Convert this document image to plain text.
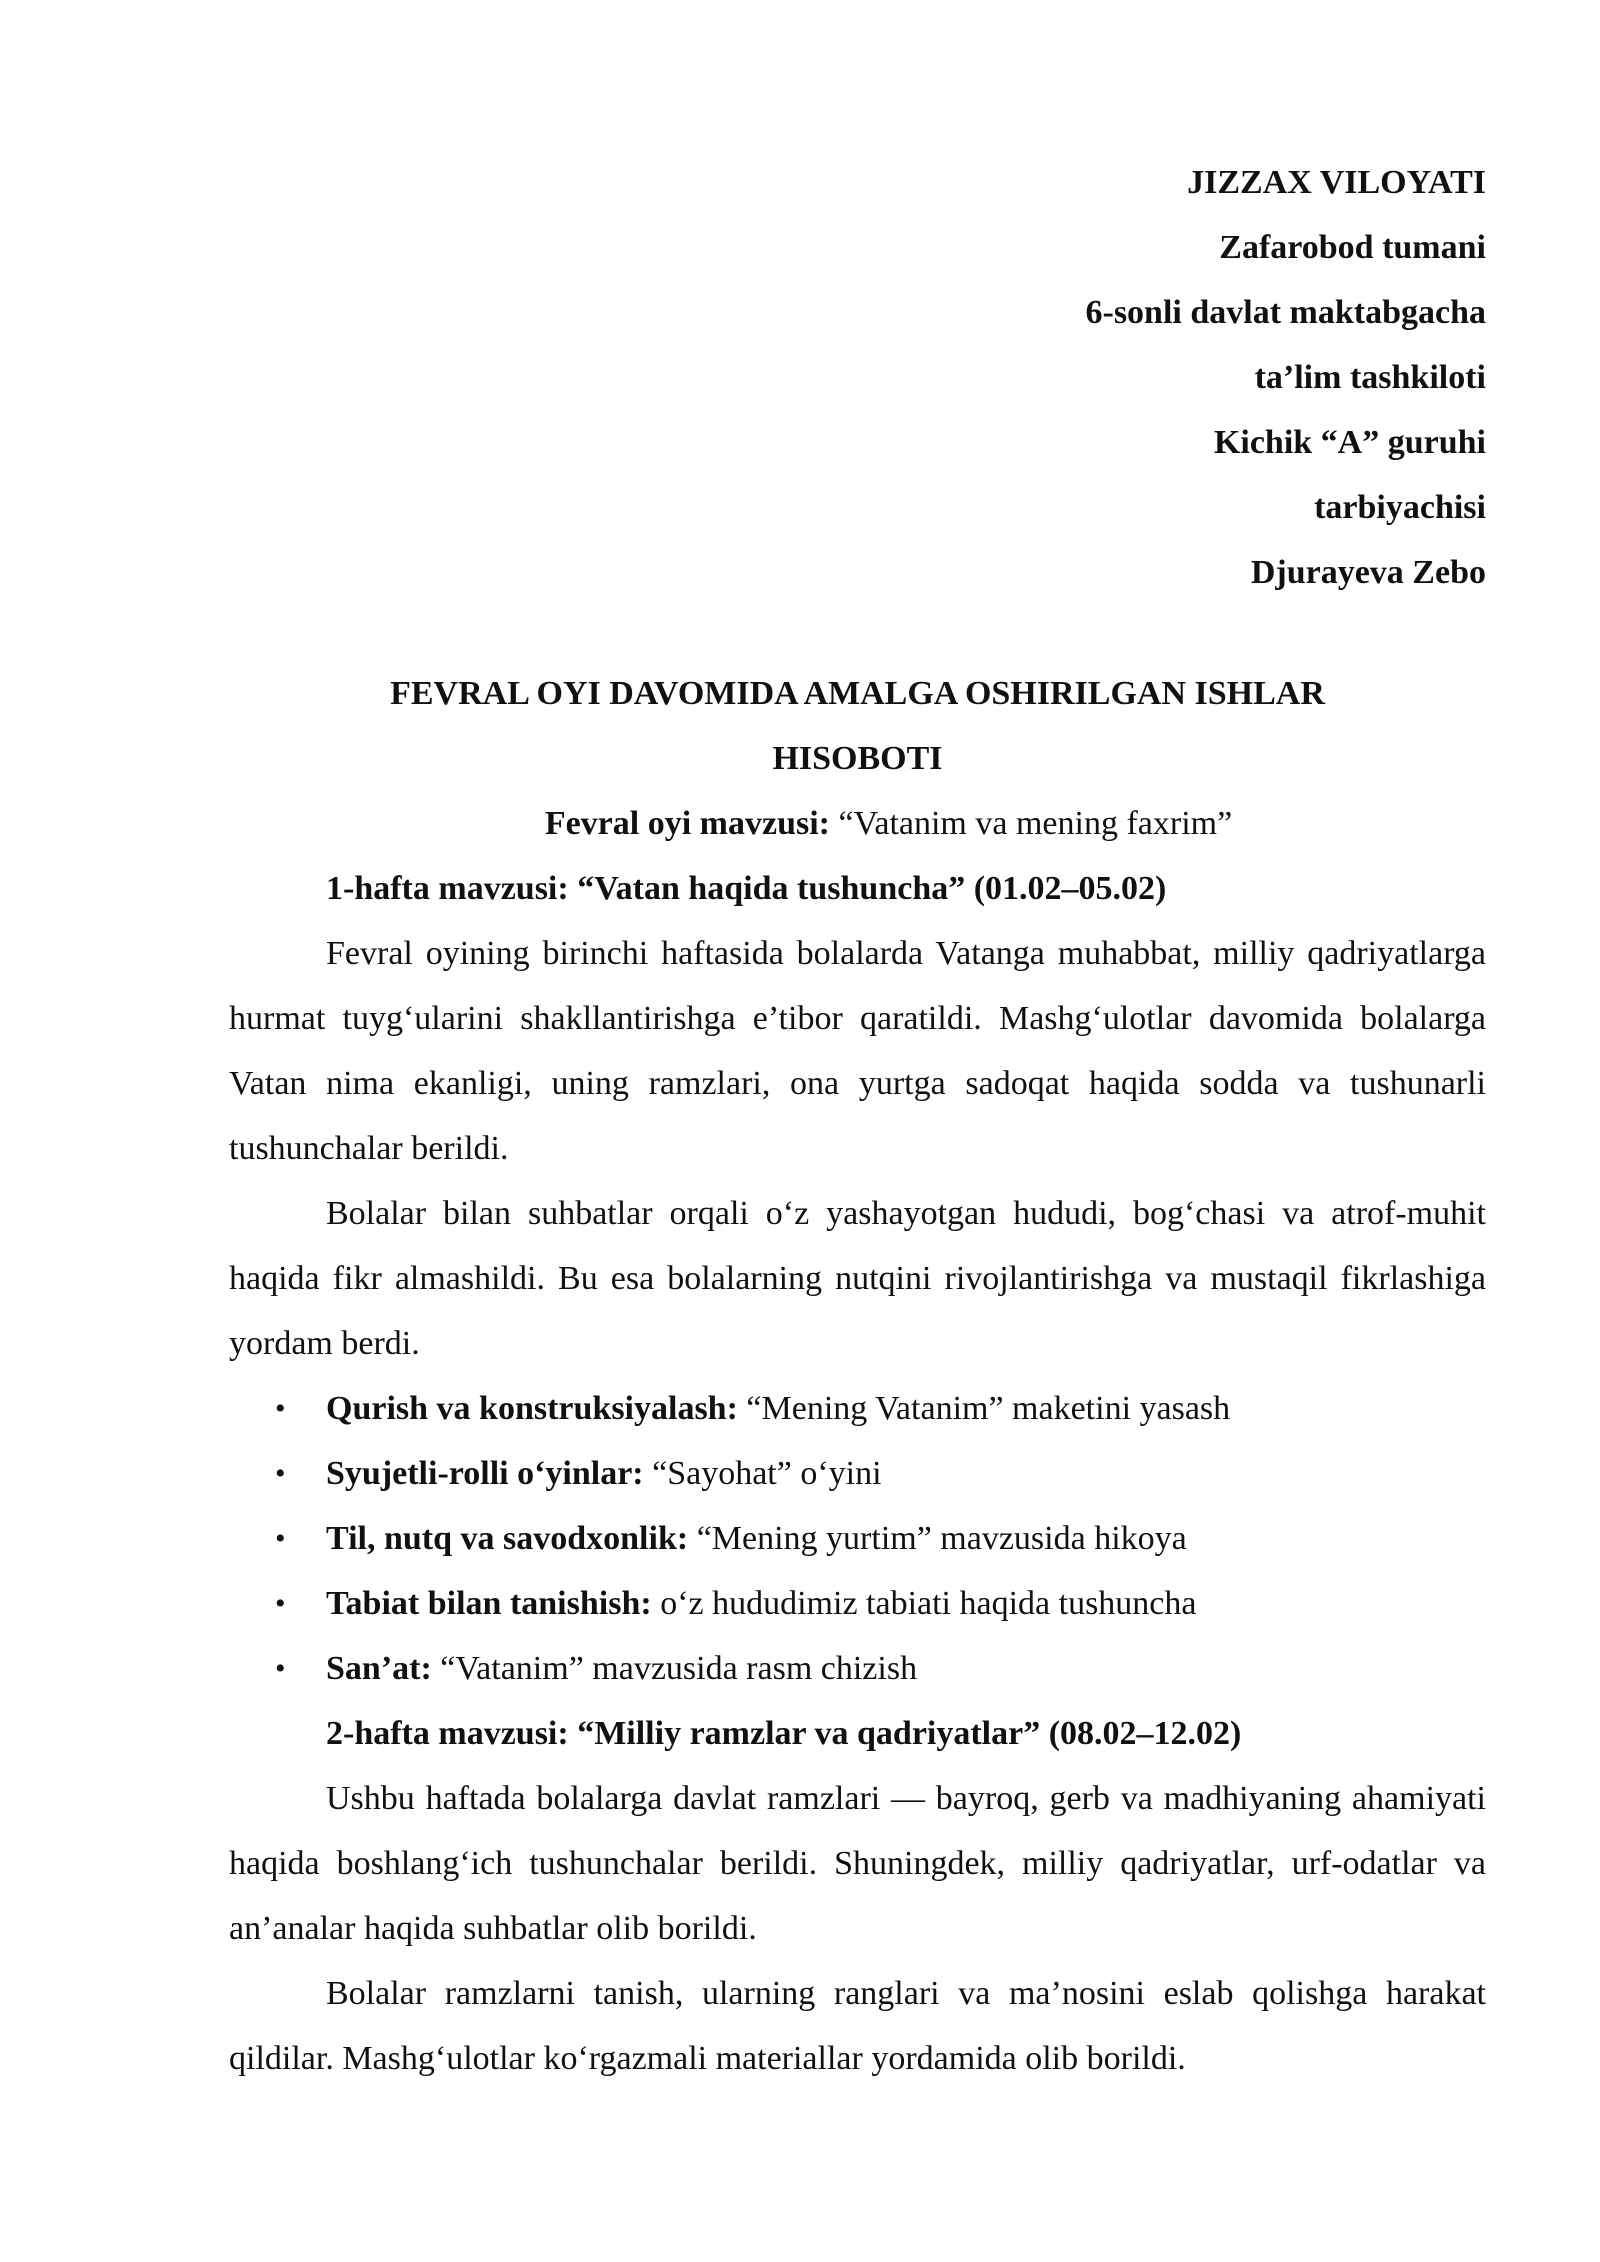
JIZZAX VILOYATI
Zafarobod tumani
6-sonli davlat maktabgacha
ta’lim tashkiloti
Kichik “A” guruhi
tarbiyachisi
Djurayeva Zebo
FEVRAL OYI DAVOMIDA AMALGA OSHIRILGAN ISHLAR
HISOBOTI
Fevral oyi mavzusi: “Vatanim va mening faxrim”
1-hafta mavzusi: “Vatan haqida tushuncha” (01.02–05.02)

Fevral oyining birinchi haftasida bolalarda Vatanga muhabbat, milliy qadriyatlarga hurmat tuyg‘ularini shakllantirishga e’tibor qaratildi. Mashg‘ulotlar davomida bolalarga Vatan nima ekanligi, uning ramzlari, ona yurtga sadoqat haqida sodda va tushunarli tushunchalar berildi.

Bolalar bilan suhbatlar orqali o‘z yashayotgan hududi, bog‘chasi va atrof-muhit haqida fikr almashildi. Bu esa bolalarning nutqini rivojlantirishga va mustaqil fikrlashiga yordam berdi.

• Qurish va konstruksiyalash: “Mening Vatanim” maketini yasash
• Syujetli-rolli o‘yinlar: “Sayohat” o‘yini
• Til, nutq va savodxonlik: “Mening yurtim” mavzusida hikoya
• Tabiat bilan tanishish: o‘z hududimiz tabiati haqida tushuncha
• San’at: “Vatanim” mavzusida rasm chizish
2-hafta mavzusi: “Milliy ramzlar va qadriyatlar” (08.02–12.02)

Ushbu haftada bolalarga davlat ramzlari — bayroq, gerb va madhiyaning ahamiyati haqida boshlang‘ich tushunchalar berildi. Shuningdek, milliy qadriyatlar, urf-odatlar va an’analar haqida suhbatlar olib borildi.

Bolalar ramzlarni tanish, ularning ranglari va ma’nosini eslab qolishga harakat qildilar. Mashg‘ulotlar ko‘rgazmali materiallar yordamida olib borildi.
